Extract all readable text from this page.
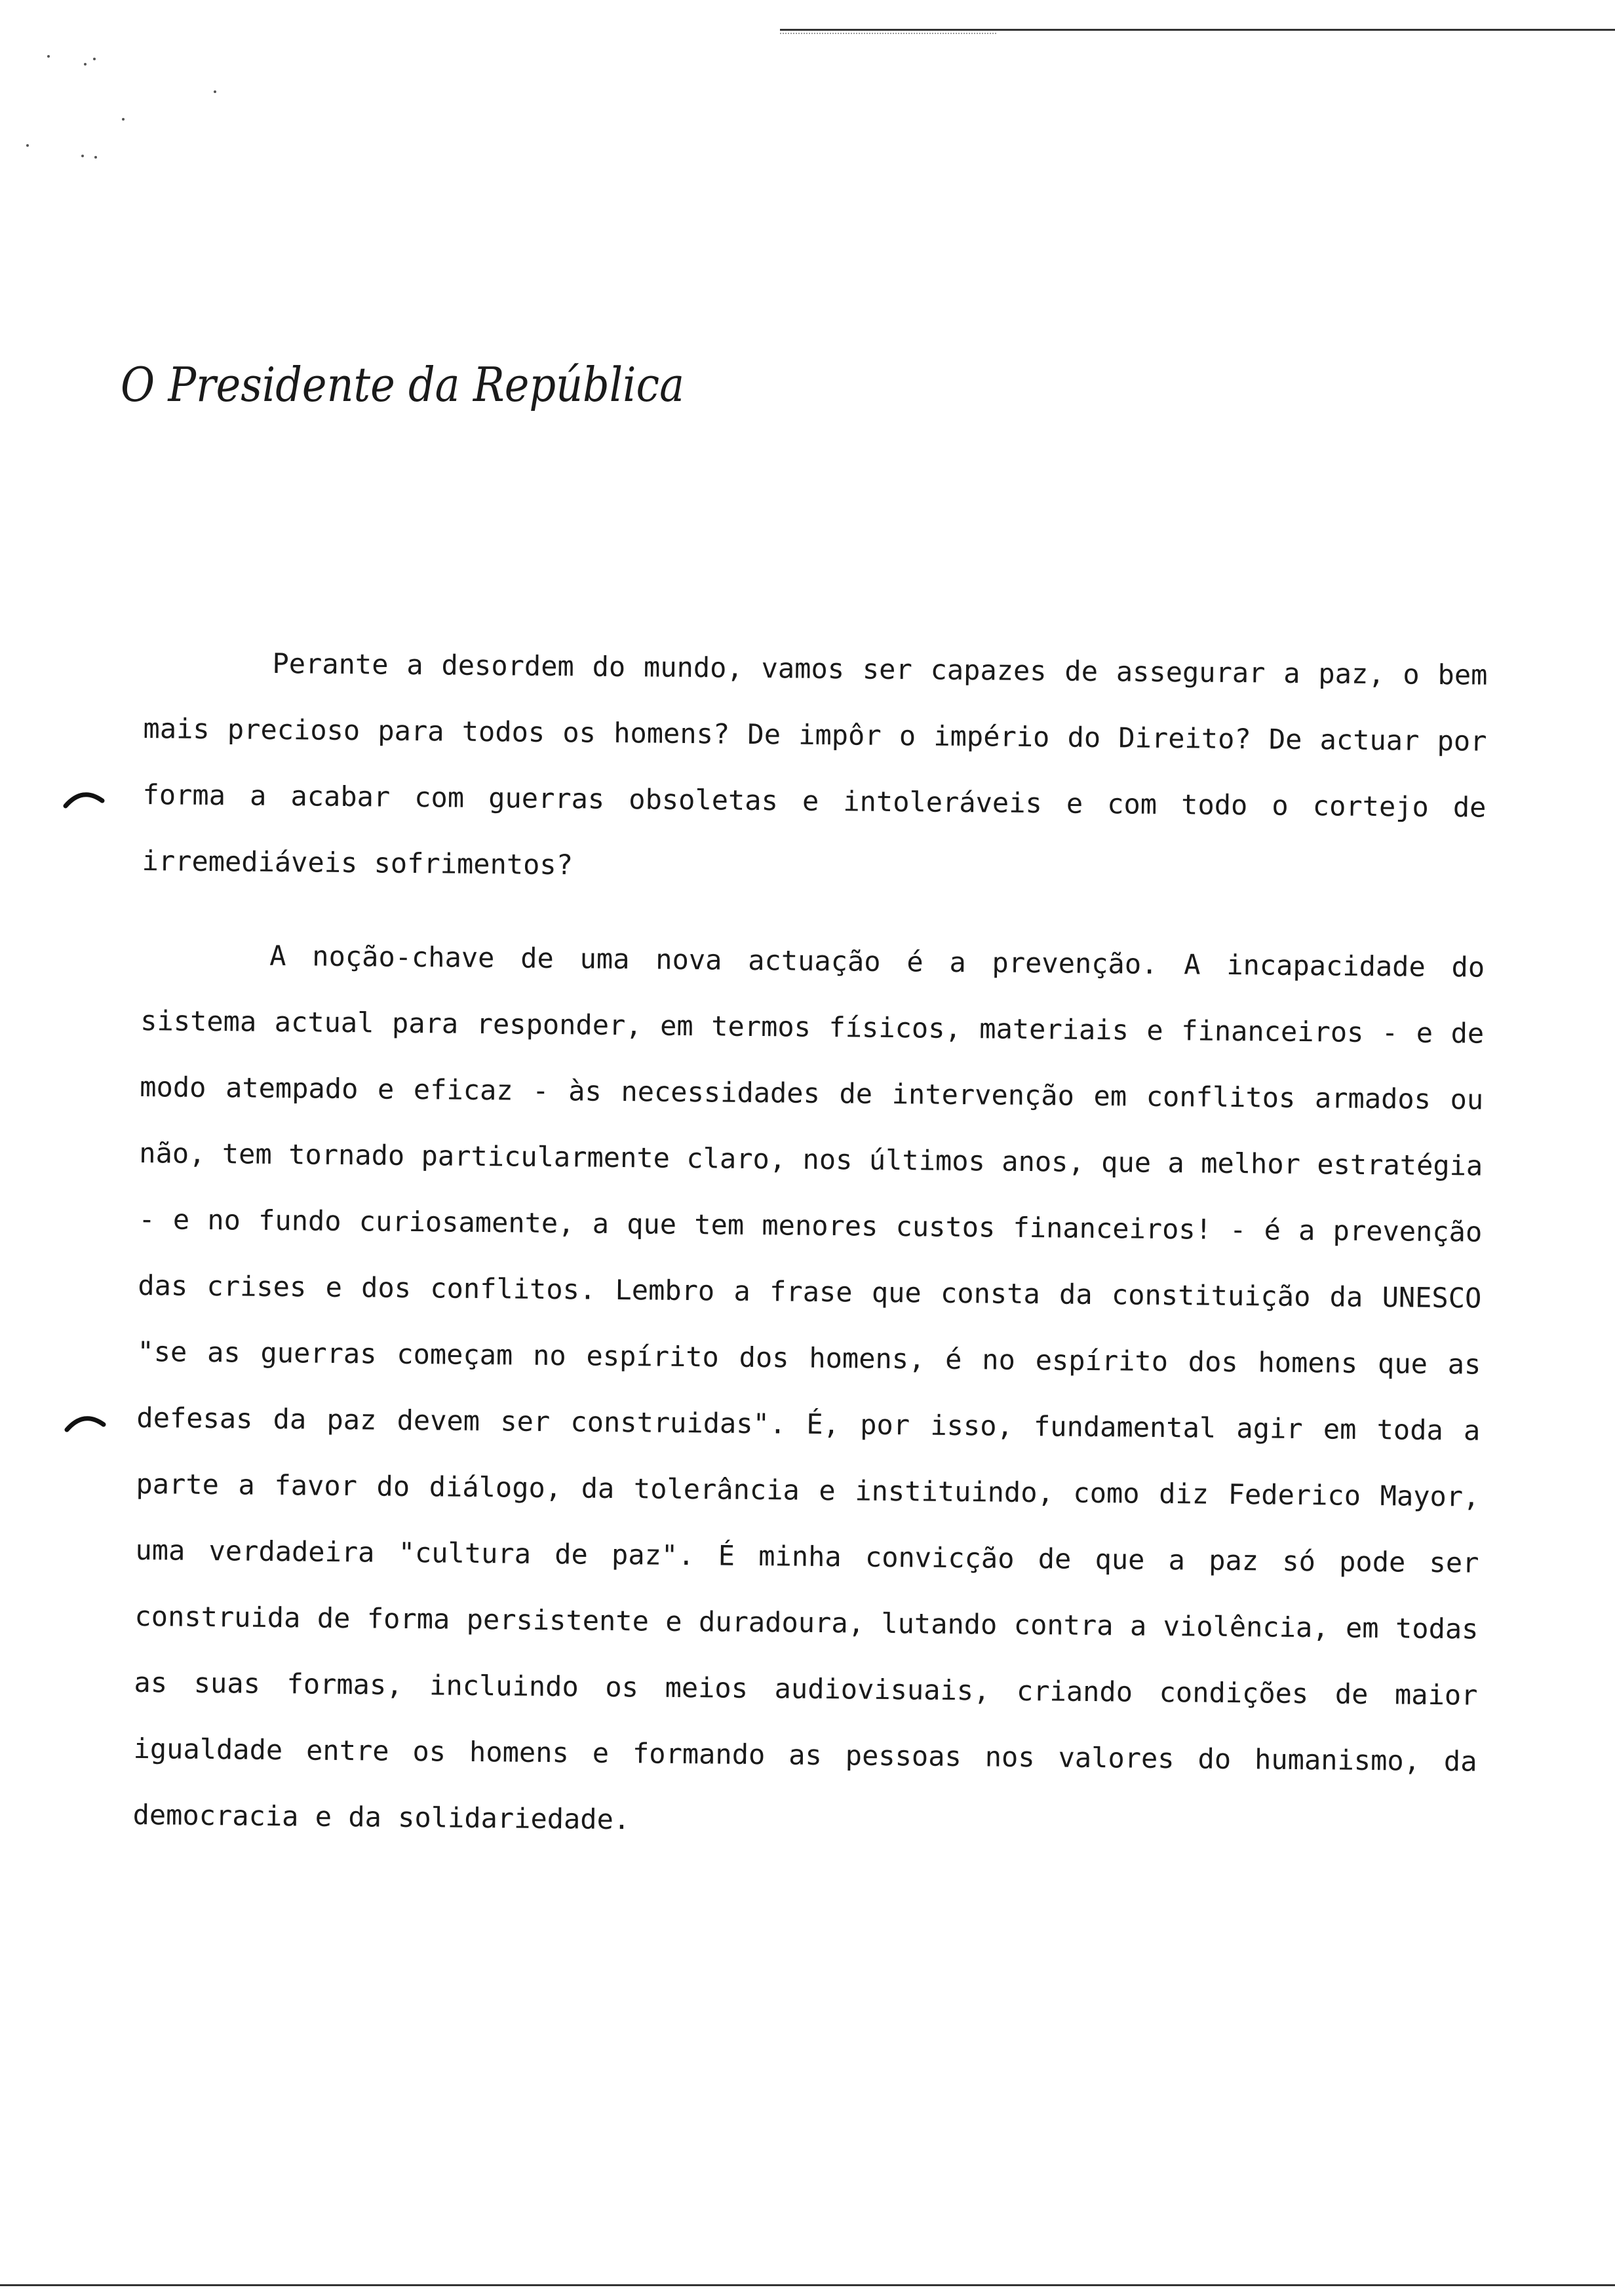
O Presidente da República

Perante a desordem do mundo, vamos ser capazes de assegurar a paz, o bem mais precioso para todos os homens? De impôr o império do Direito? De actuar por forma a acabar com guerras obsoletas e intoleráveis e com todo o cortejo de irremediáveis sofrimentos?

A noção-chave de uma nova actuação é a prevenção. A incapacidade do sistema actual para responder, em termos físicos, materiais e financeiros - e de modo atempado e eficaz - às necessidades de intervenção em conflitos armados ou não, tem tornado particularmente claro, nos últimos anos, que a melhor estratégia - e no fundo curiosamente, a que tem menores custos financeiros! - é a prevenção das crises e dos conflitos. Lembro a frase que consta da constituição da UNESCO "se as guerras começam no espírito dos homens, é no espírito dos homens que as defesas da paz devem ser construidas". É, por isso, fundamental agir em toda a parte a favor do diálogo, da tolerância e instituindo, como diz Federico Mayor, uma verdadeira "cultura de paz". É minha convicção de que a paz só pode ser construida de forma persistente e duradoura, lutando contra a violência, em todas as suas formas, incluindo os meios audiovisuais, criando condições de maior igualdade entre os homens e formando as pessoas nos valores do humanismo, da democracia e da solidariedade.
